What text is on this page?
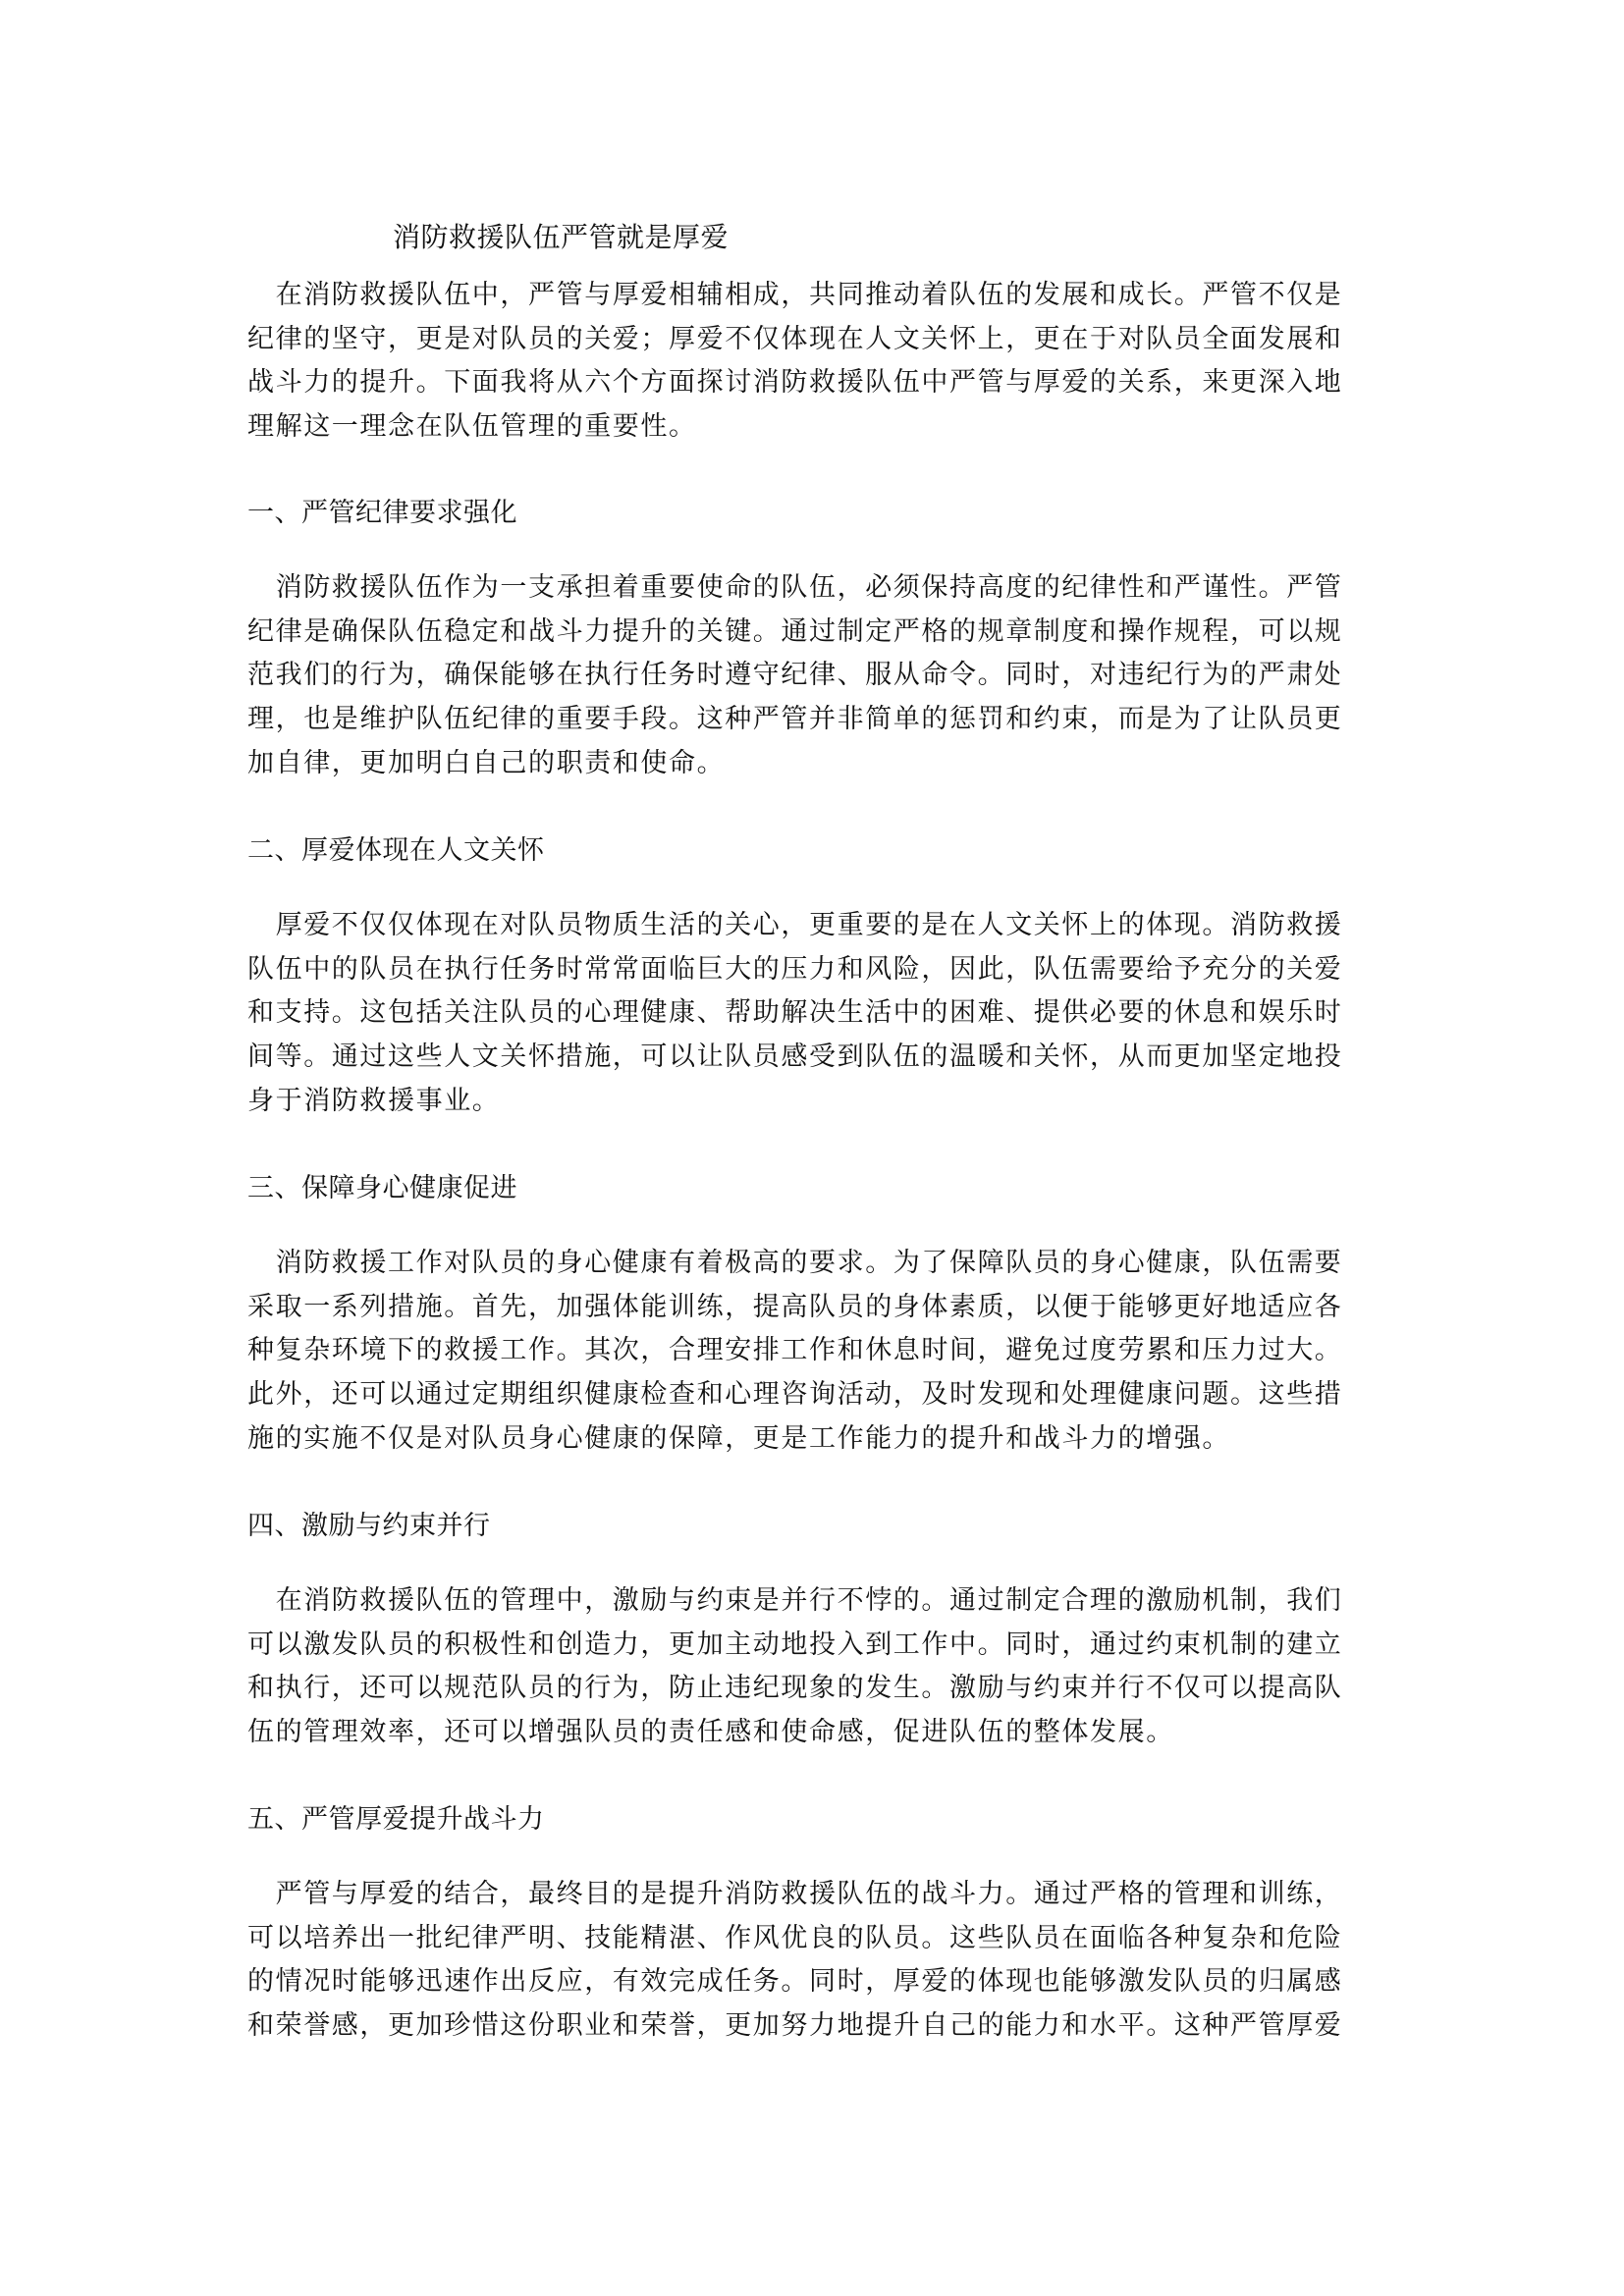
消防救援队伍严管就是厚爱
　在消防救援队伍中，严管与厚爱相辅相成，共同推动着队伍的发展和成长。严管不仅是
纪律的坚守，更是对队员的关爱；厚爱不仅体现在人文关怀上，更在于对队员全面发展和
战斗力的提升。下面我将从六个方面探讨消防救援队伍中严管与厚爱的关系，来更深入地
理解这一理念在队伍管理的重要性。
一、严管纪律要求强化
　消防救援队伍作为一支承担着重要使命的队伍，必须保持高度的纪律性和严谨性。严管
纪律是确保队伍稳定和战斗力提升的关键。通过制定严格的规章制度和操作规程，可以规
范我们的行为，确保能够在执行任务时遵守纪律、服从命令。同时，对违纪行为的严肃处
理，也是维护队伍纪律的重要手段。这种严管并非简单的惩罚和约束，而是为了让队员更
加自律，更加明白自己的职责和使命。
二、厚爱体现在人文关怀
　厚爱不仅仅体现在对队员物质生活的关心，更重要的是在人文关怀上的体现。消防救援
队伍中的队员在执行任务时常常面临巨大的压力和风险，因此，队伍需要给予充分的关爱
和支持。这包括关注队员的心理健康、帮助解决生活中的困难、提供必要的休息和娱乐时
间等。通过这些人文关怀措施，可以让队员感受到队伍的温暖和关怀，从而更加坚定地投
身于消防救援事业。
三、保障身心健康促进
　消防救援工作对队员的身心健康有着极高的要求。为了保障队员的身心健康，队伍需要
采取一系列措施。首先，加强体能训练，提高队员的身体素质，以便于能够更好地适应各
种复杂环境下的救援工作。其次，合理安排工作和休息时间，避免过度劳累和压力过大。
此外，还可以通过定期组织健康检查和心理咨询活动，及时发现和处理健康问题。这些措
施的实施不仅是对队员身心健康的保障，更是工作能力的提升和战斗力的增强。
四、激励与约束并行
　在消防救援队伍的管理中，激励与约束是并行不悖的。通过制定合理的激励机制，我们
可以激发队员的积极性和创造力，更加主动地投入到工作中。同时，通过约束机制的建立
和执行，还可以规范队员的行为，防止违纪现象的发生。激励与约束并行不仅可以提高队
伍的管理效率，还可以增强队员的责任感和使命感，促进队伍的整体发展。
五、严管厚爱提升战斗力
　严管与厚爱的结合，最终目的是提升消防救援队伍的战斗力。通过严格的管理和训练，
可以培养出一批纪律严明、技能精湛、作风优良的队员。这些队员在面临各种复杂和危险
的情况时能够迅速作出反应，有效完成任务。同时，厚爱的体现也能够激发队员的归属感
和荣誉感，更加珍惜这份职业和荣誉，更加努力地提升自己的能力和水平。这种严管厚爱
